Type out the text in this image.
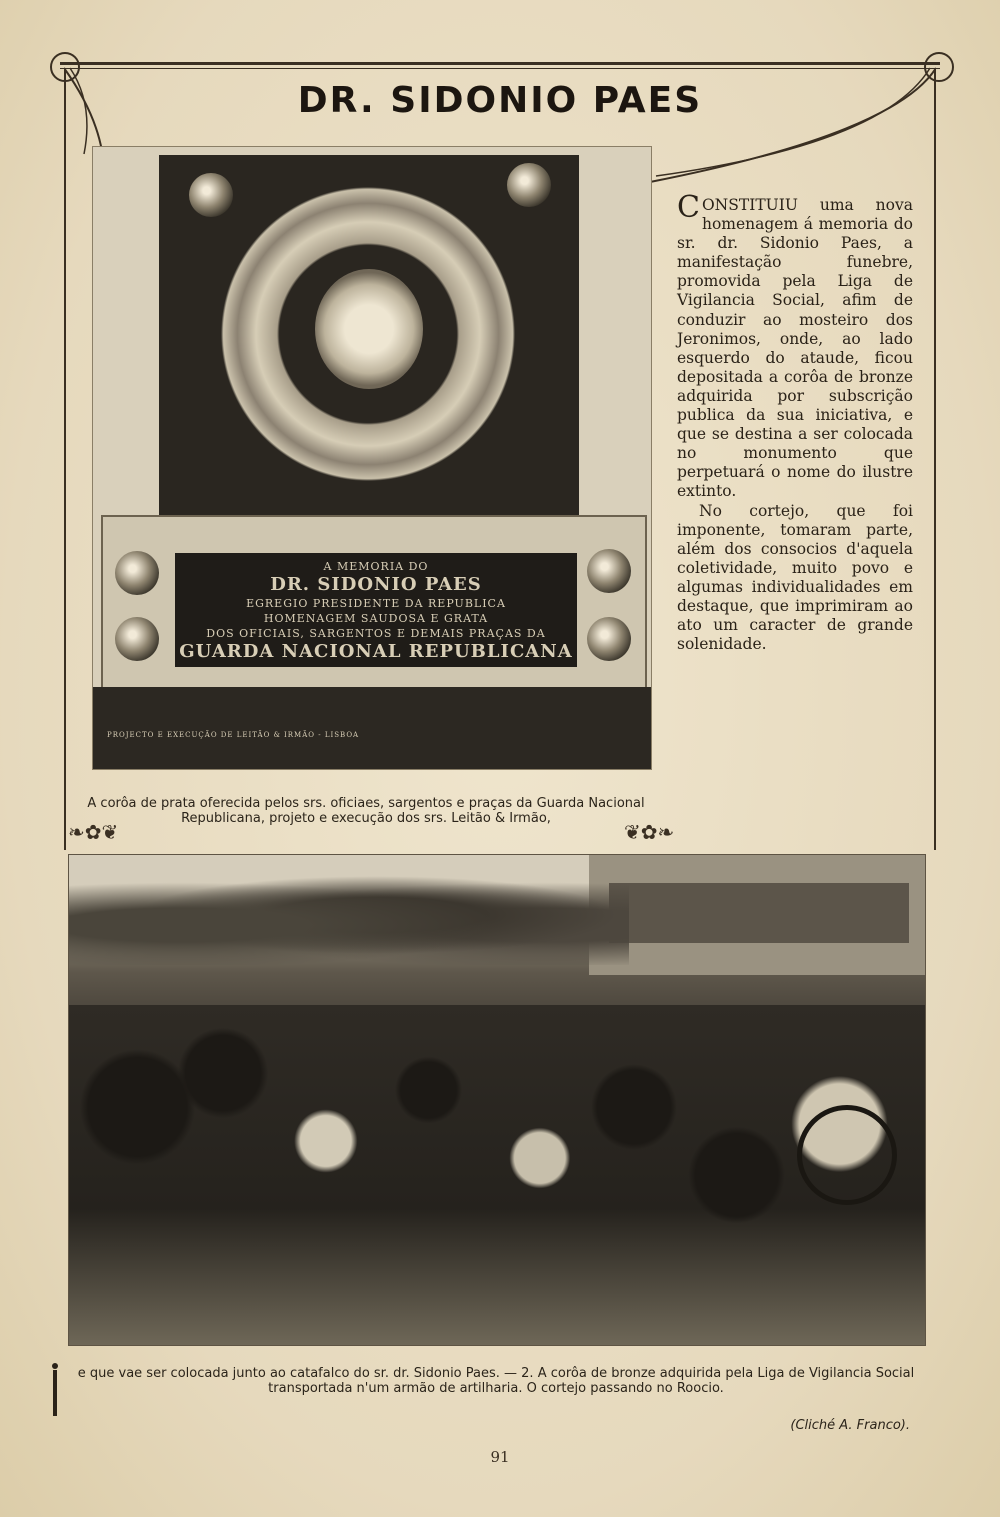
DR. SIDONIO PAES
A MEMORIA DO
DR. SIDONIO PAES
EGREGIO PRESIDENTE DA REPUBLICA
HOMENAGEM SAUDOSA E GRATA
DOS OFICIAIS, SARGENTOS E DEMAIS PRAÇAS DA
GUARDA NACIONAL REPUBLICANA
PROJECTO E EXECUÇÃO DE LEITÃO & IRMÃO - LISBOA
A corôa de prata oferecida pelos srs. oficiaes, sargentos e praças da Guarda Nacional Republicana, projeto e execução dos srs. Leitão & Irmão,

CONSTITUIU uma nova homenagem á memoria do sr. dr. Sidonio Paes, a manifestação funebre, promovida pela Liga de Vigilancia Social, afim de conduzir ao mosteiro dos Jeronimos, onde, ao lado esquerdo do ataude, ficou depositada a corôa de bronze adquirida por subscrição publica da sua iniciativa, e que se destina a ser colocada no monumento que perpetuará o nome do ilustre extinto.

No cortejo, que foi imponente, tomaram parte, além dos consocios d'aquela coletividade, muito povo e algumas individualidades em destaque, que imprimiram ao ato um caracter de grande solenidade.

❧✿❦	❦✿❧
e que vae ser colocada junto ao catafalco do sr. dr. Sidonio Paes. — 2. A corôa de bronze adquirida pela Liga de Vigilancia Social transportada n'um armão de artilharia. O cortejo passando no Roocio.
(Cliché A. Franco).
91
